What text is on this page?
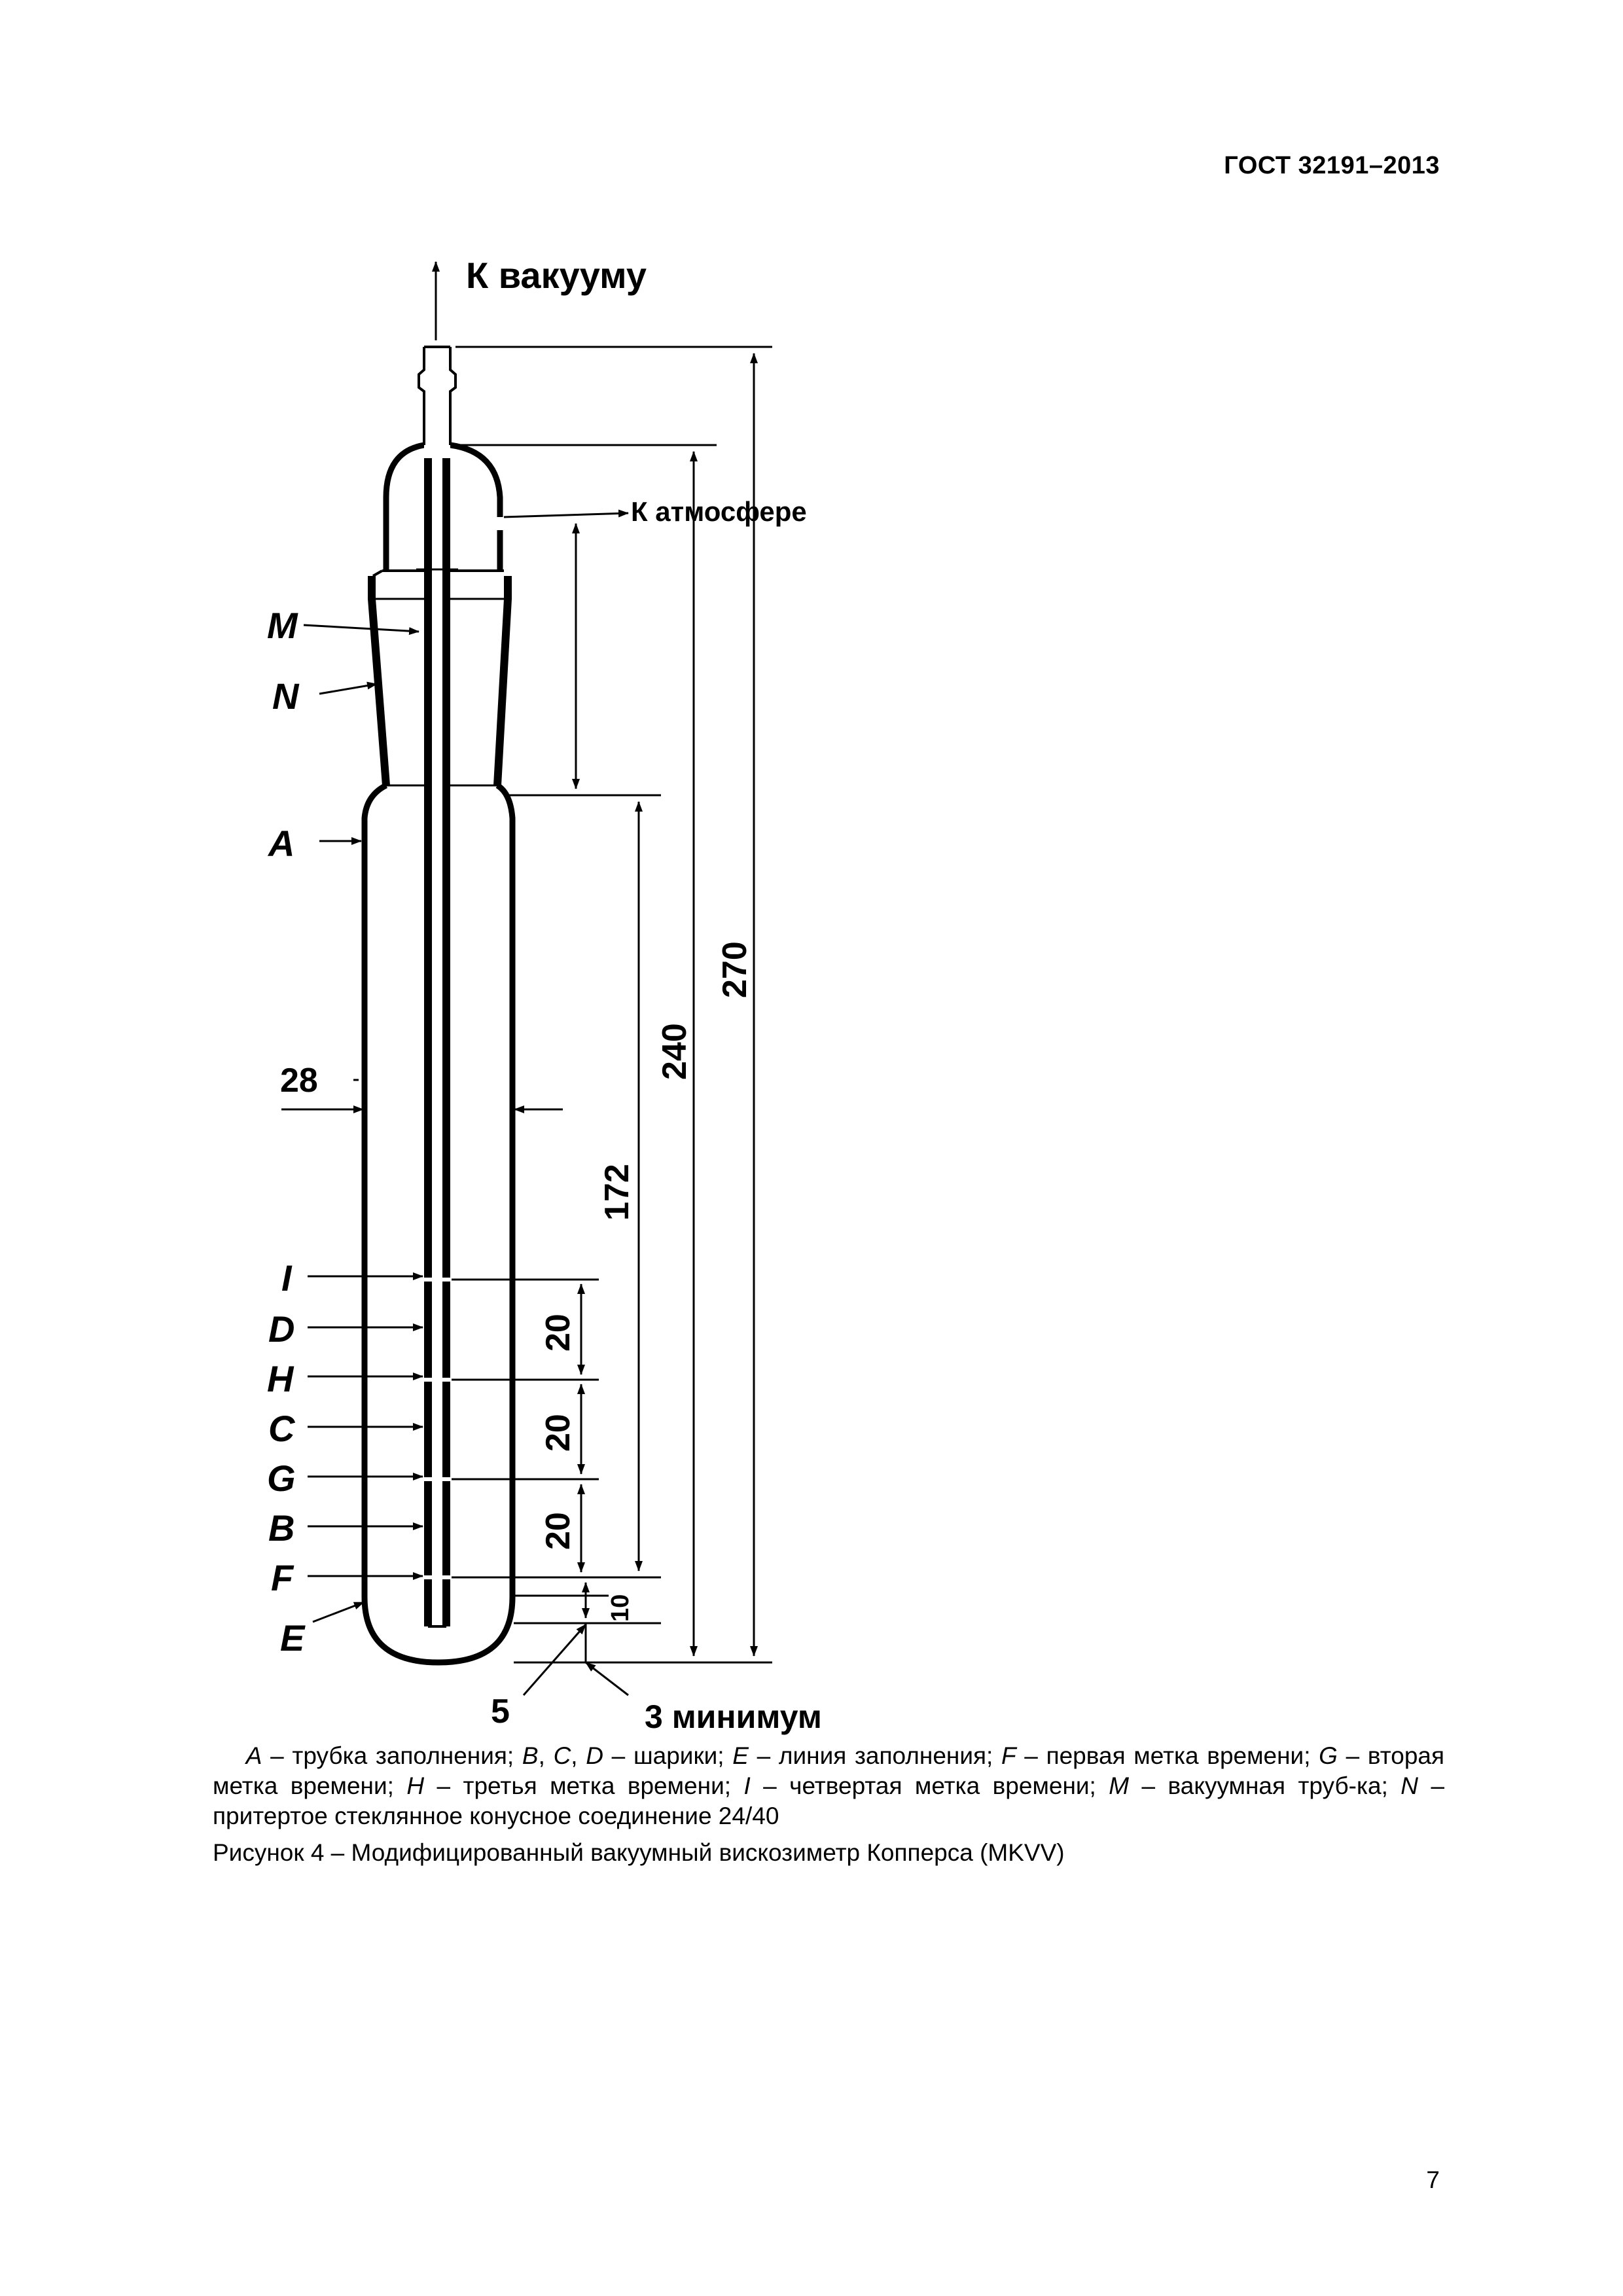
ГОСТ 32191–2013
К вакууму
К атмосфере
M
N
A
I
D
H
C
G
B
F
E
28
270
240
172
20
20
20
10
5	3 минимум
A – трубка заполнения; B, C, D – шарики; E – линия заполнения; F – первая метка времени; G – вторая метка времени; H – третья метка времени; I – четвертая метка времени; M – вакуумная труб-ка; N – притертое стеклянное конусное соединение 24/40
Рисунок 4 – Модифицированный вакуумный вискозиметр Копперса (MKVV)
7
